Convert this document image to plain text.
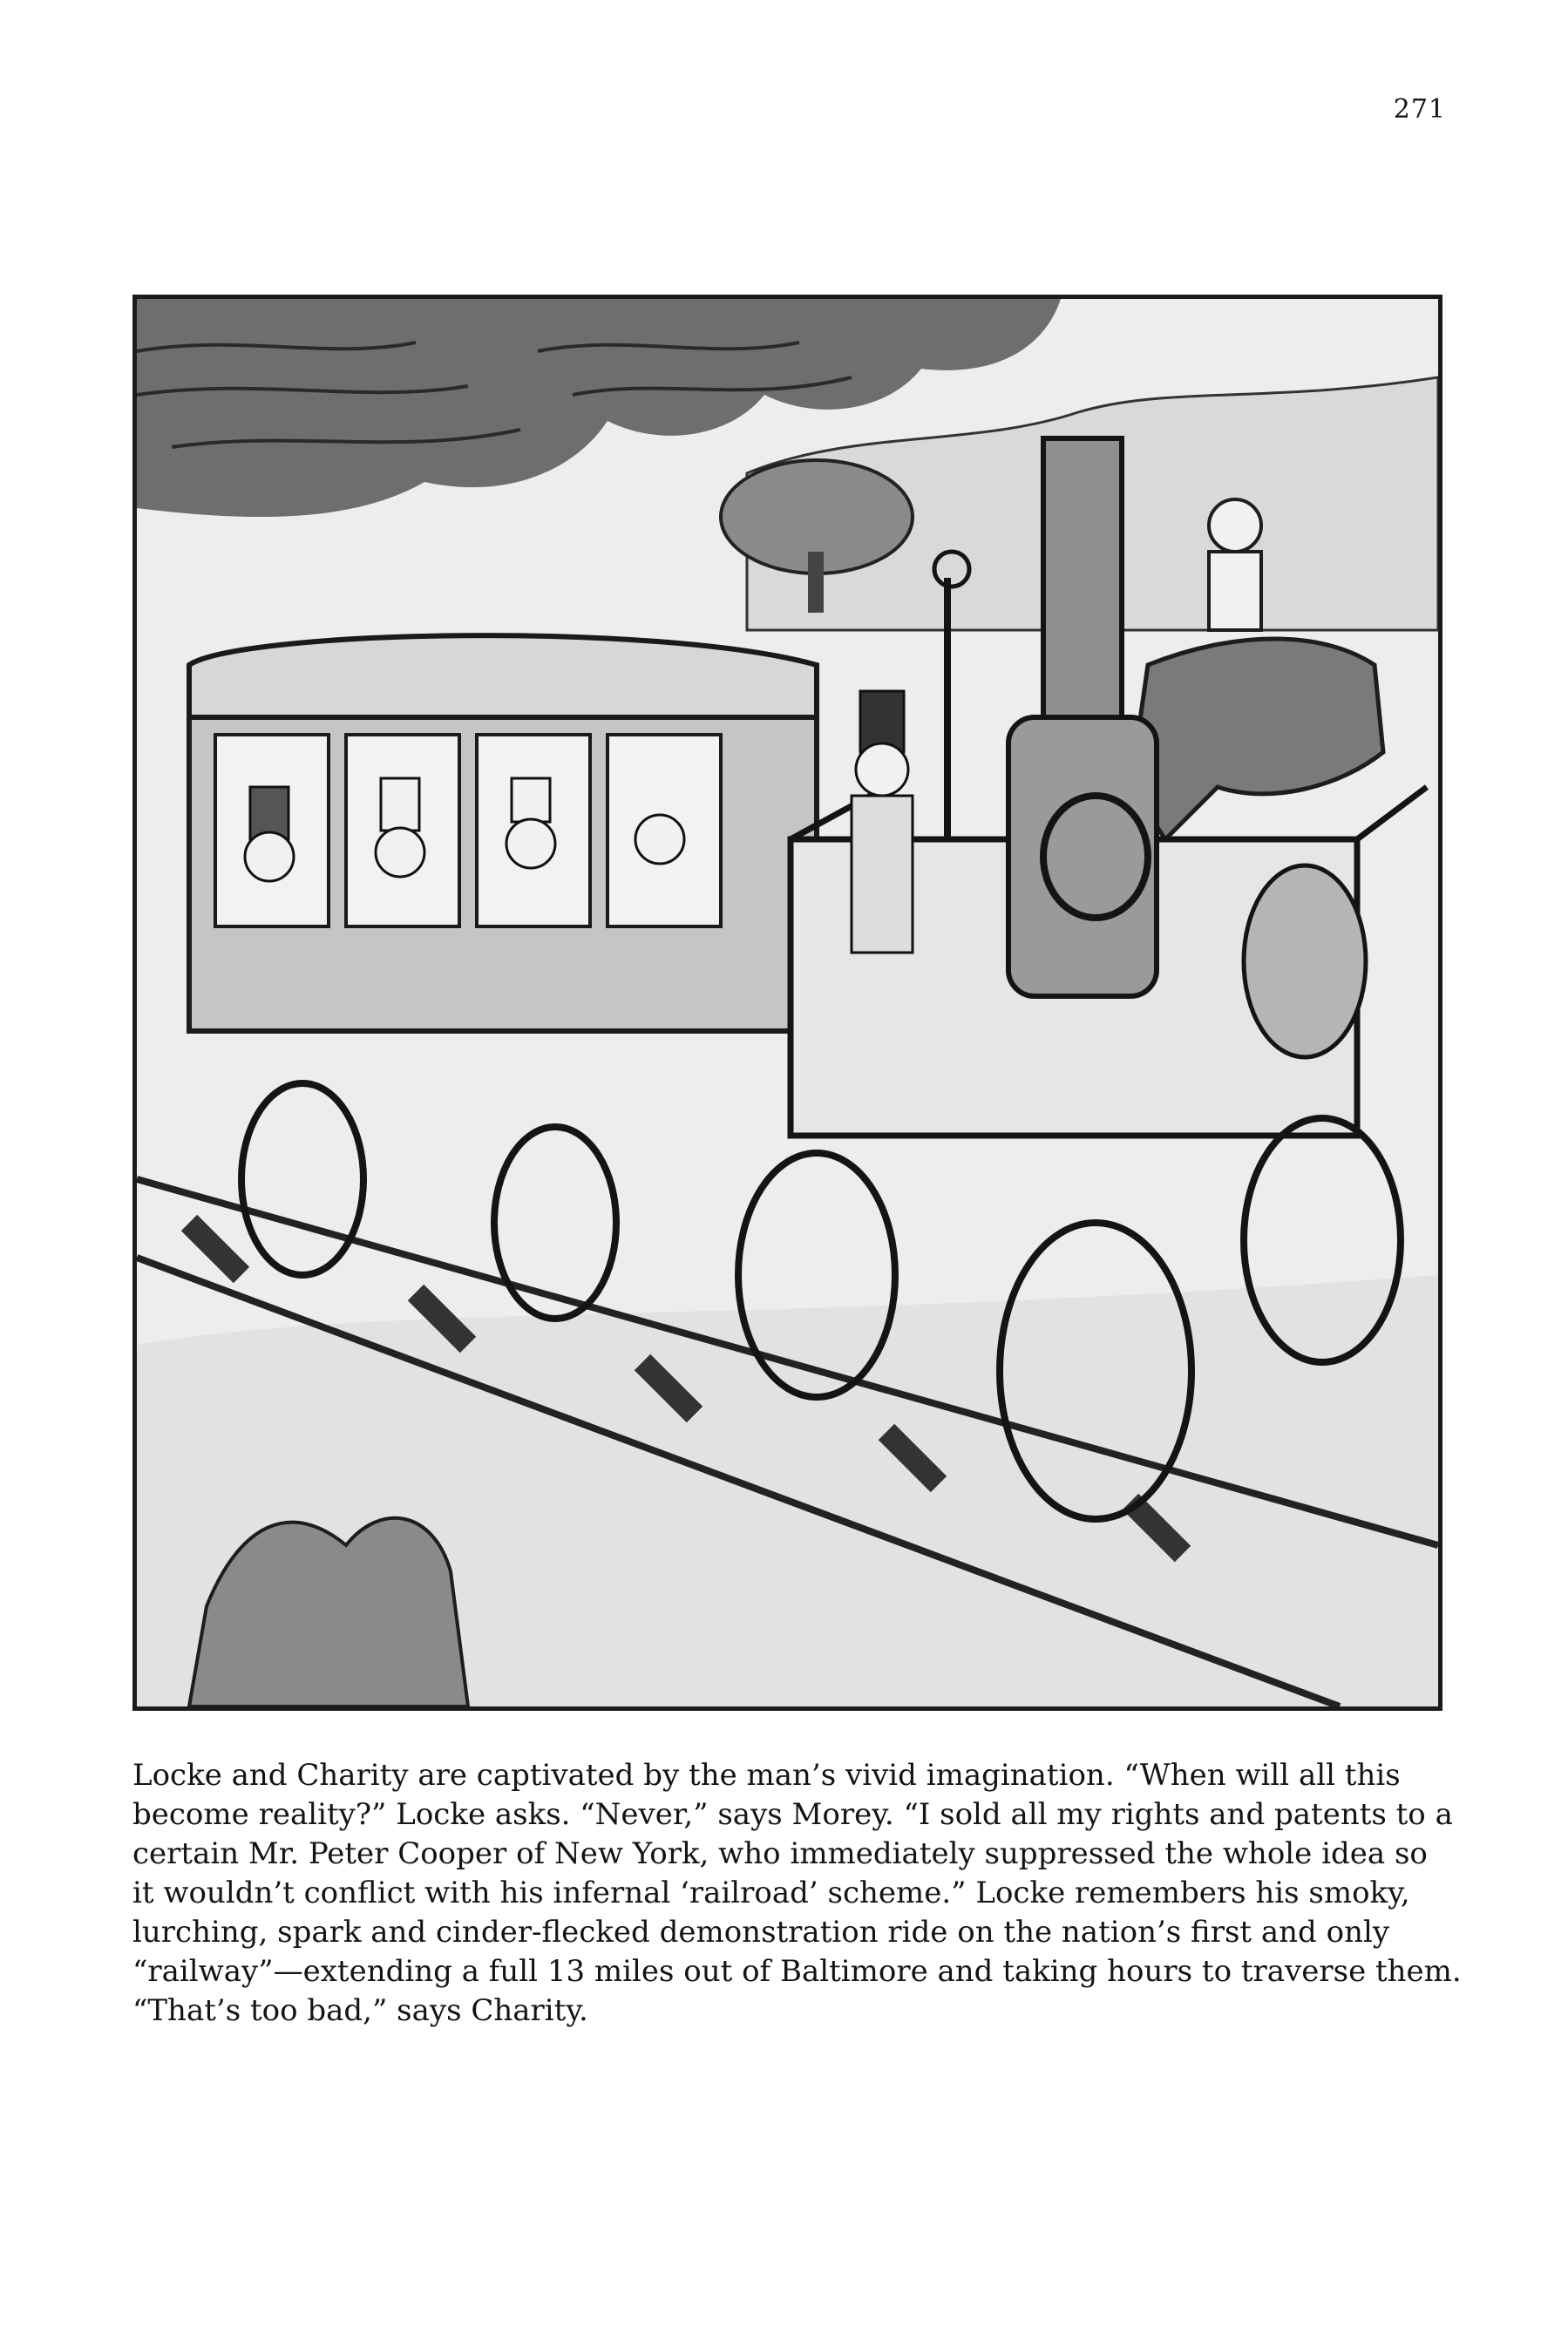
271
Locke and Charity are captivated by the man’s vivid imagination. “When will all this
become reality?” Locke asks. “Never,” says Morey. “I sold all my rights and patents to a
certain Mr. Peter Cooper of New York, who immediately suppressed the whole idea so
it wouldn’t conflict with his infernal ‘railroad’ scheme.” Locke remembers his smoky,
lurching, spark and cinder-flecked demonstration ride on the nation’s first and only
“railway”—extending a full 13 miles out of Baltimore and taking hours to traverse them.
“That’s too bad,” says Charity.
